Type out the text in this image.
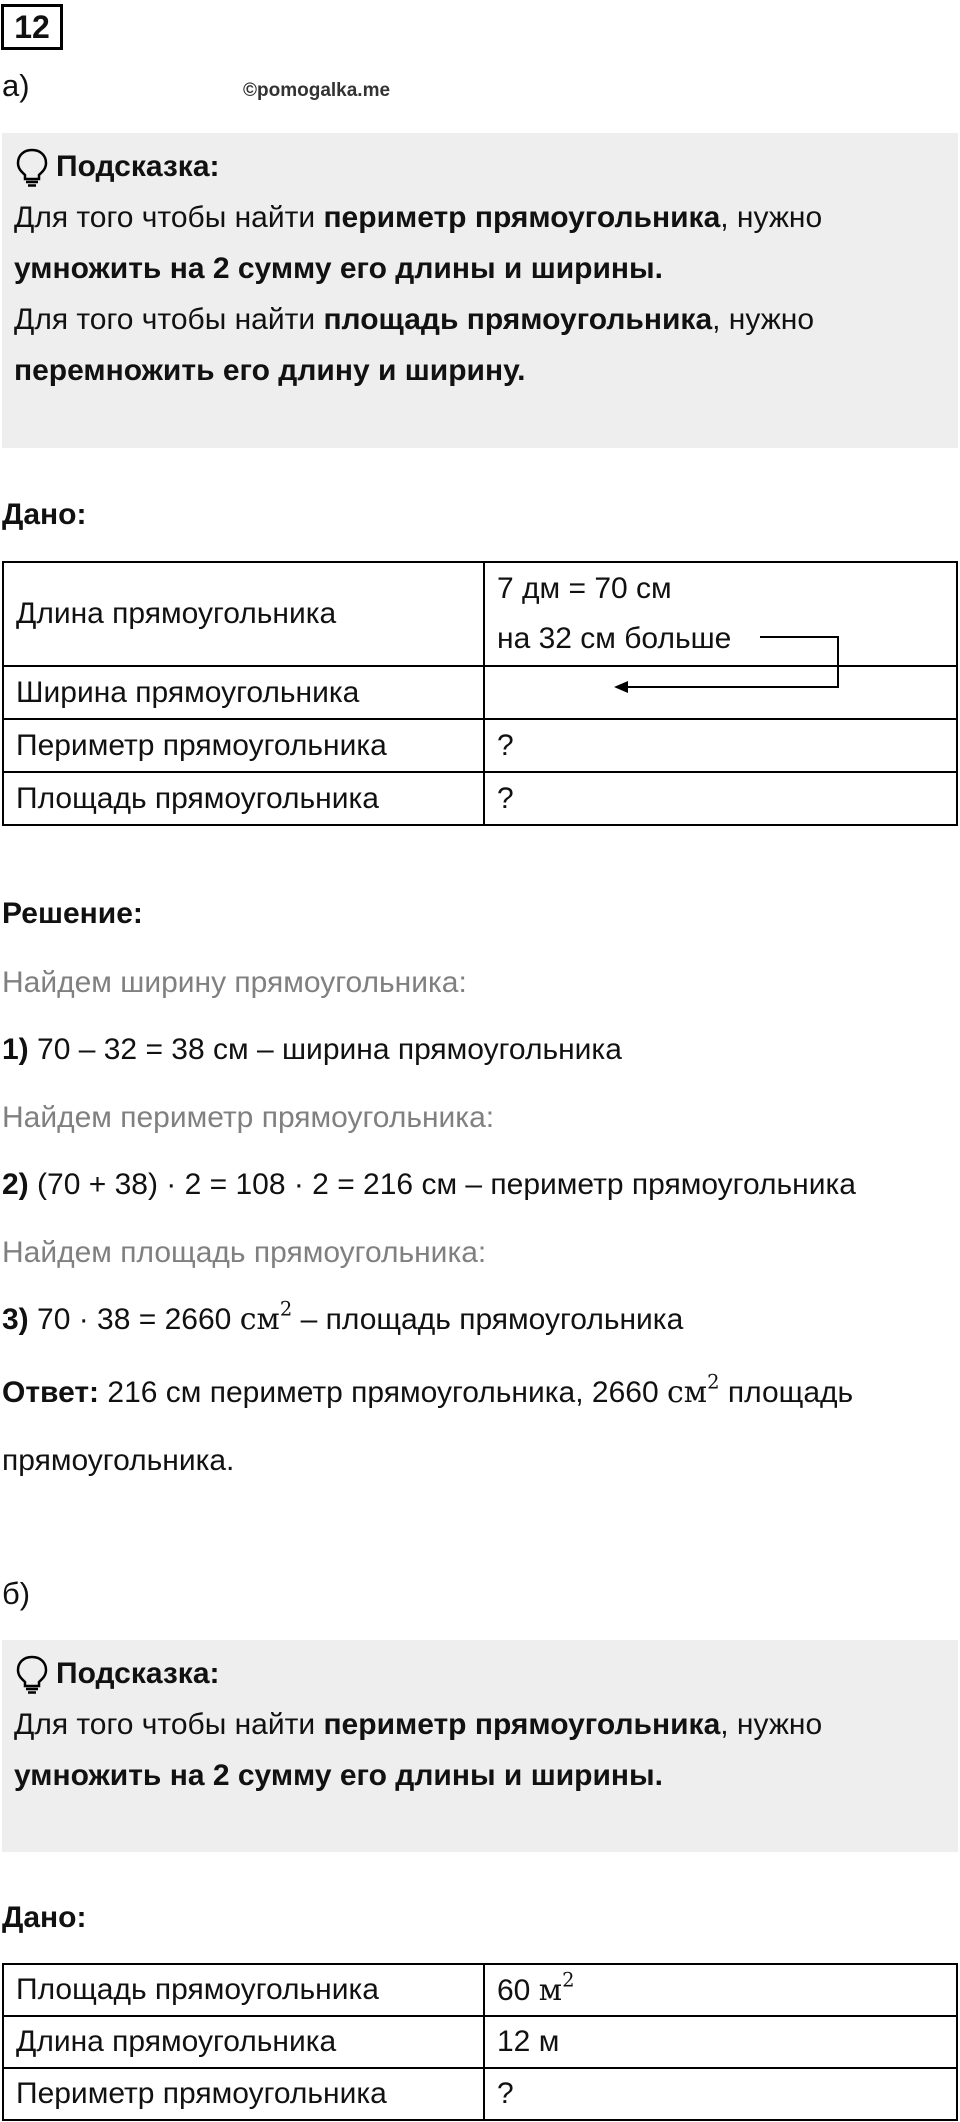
12
а)	©pomogalka.me
Подсказка:
Для того чтобы найти периметр прямоугольника, нужно
умножить на 2 сумму его длины и ширины.
Для того чтобы найти площадь прямоугольника, нужно
перемножить его длину и ширину.
Дано:
Длина прямоугольника	7 дм = 70 см
на 32 см больше

Ширина прямоугольника	
Периметр прямоугольника	?
Площадь прямоугольника	?
Решение:
Найдем ширину прямоугольника:
1) 70 – 32 = 38 см – ширина прямоугольника
Найдем периметр прямоугольника:
2) (70 + 38) · 2 = 108 · 2 = 216 см – периметр прямоугольника
Найдем площадь прямоугольника:
3) 70 · 38 = 2660 $см^2$ – площадь прямоугольника
Ответ: 216 см периметр прямоугольника, 2660 $см^2$ площадь
прямоугольника.
б)
Подсказка:
Для того чтобы найти периметр прямоугольника, нужно
умножить на 2 сумму его длины и ширины.
Дано:
Площадь прямоугольника	60 $м^2$
Длина прямоугольника	12 м
Периметр прямоугольника	?
